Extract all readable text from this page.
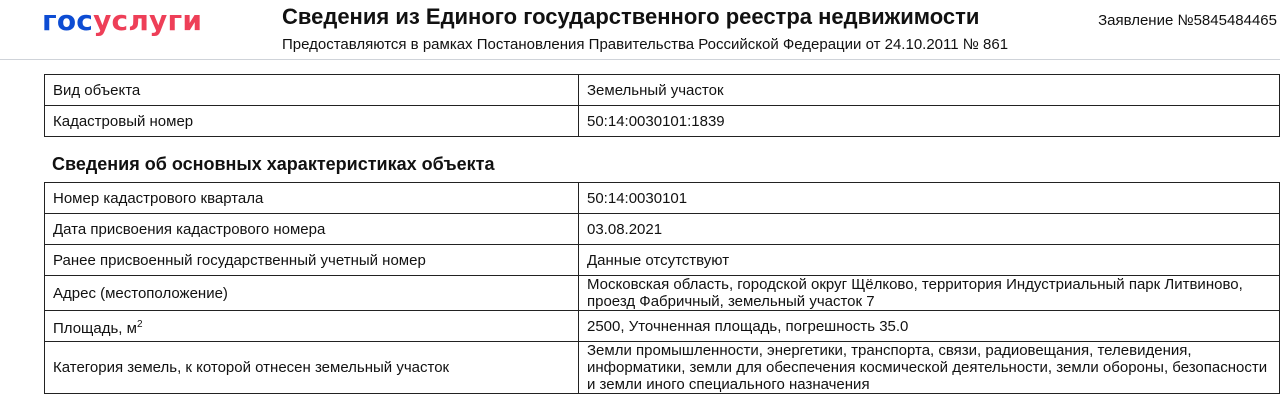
госуслуги	Сведения из Единого государственного реестра недвижимости
Предоставляются в рамках Постановления Правительства Российской Федерации от 24.10.2011 № 861
Заявление №5845484465
Вид объекта	Земельный участок
Кадастровый номер	50:14:0030101:1839
Сведения об основных характеристиках объекта
Номер кадастрового квартала	50:14:0030101
Дата присвоения кадастрового номера	03.08.2021
Ранее присвоенный государственный учетный номер	Данные отсутствуют
Адрес (местоположение)	Московская область, городской округ Щёлково, территория Индустриальный парк Литвиново, проезд Фабричный, земельный участок 7
Площадь, $м^2$	2500, Уточненная площадь, погрешность 35.0
Категория земель, к которой отнесен земельный участок	Земли промышленности, энергетики, транспорта, связи, радиовещания, телевидения, информатики, земли для обеспечения космической деятельности, земли обороны, безопасности и земли иного специального назначения
